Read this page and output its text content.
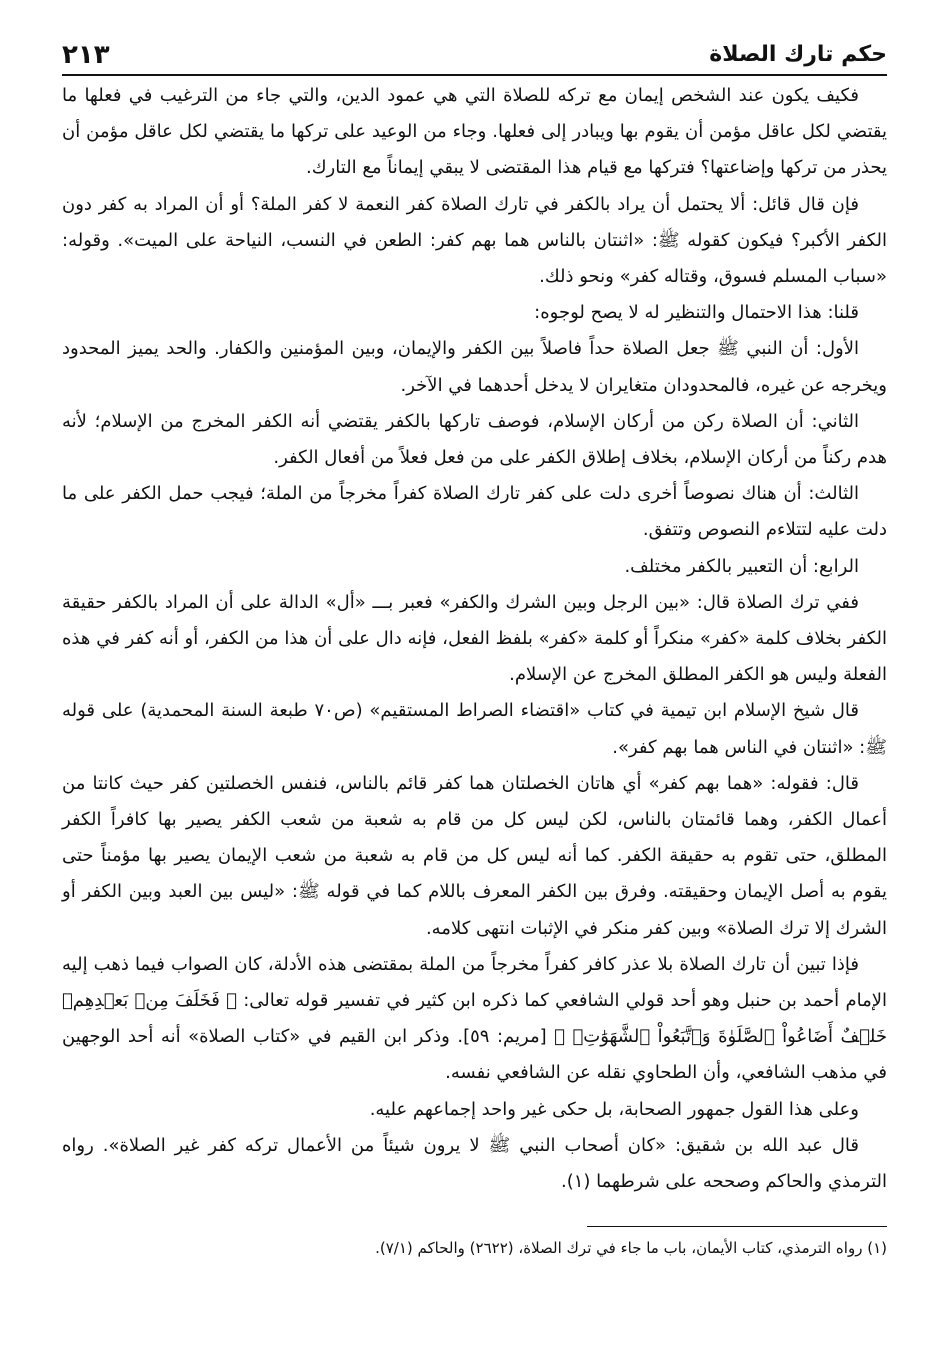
حكم تارك الصلاة
٢١٣

فكيف يكون عند الشخص إيمان مع تركه للصلاة التي هي عمود الدين، والتي جاء من الترغيب في فعلها ما يقتضي لكل عاقل مؤمن أن يقوم بها ويبادر إلى فعلها. وجاء من الوعيد على تركها ما يقتضي لكل عاقل مؤمن أن يحذر من تركها وإضاعتها؟ فتركها مع قيام هذا المقتضى لا يبقي إيماناً مع التارك.

فإن قال قائل: ألا يحتمل أن يراد بالكفر في تارك الصلاة كفر النعمة لا كفر الملة؟ أو أن المراد به كفر دون الكفر الأكبر؟ فيكون كقوله ﷺ: «اثنتان بالناس هما بهم كفر: الطعن في النسب، النياحة على الميت». وقوله: «سباب المسلم فسوق، وقتاله كفر» ونحو ذلك.

قلنا: هذا الاحتمال والتنظير له لا يصح لوجوه:

الأول: أن النبي ﷺ جعل الصلاة حداً فاصلاً بين الكفر والإيمان، وبين المؤمنين والكفار. والحد يميز المحدود ويخرجه عن غيره، فالمحدودان متغايران لا يدخل أحدهما في الآخر.

الثاني: أن الصلاة ركن من أركان الإسلام، فوصف تاركها بالكفر يقتضي أنه الكفر المخرج من الإسلام؛ لأنه هدم ركناً من أركان الإسلام، بخلاف إطلاق الكفر على من فعل فعلاً من أفعال الكفر.

الثالث: أن هناك نصوصاً أخرى دلت على كفر تارك الصلاة كفراً مخرجاً من الملة؛ فيجب حمل الكفر على ما دلت عليه لتتلاءم النصوص وتتفق.

الرابع: أن التعبير بالكفر مختلف.

ففي ترك الصلاة قال: «بين الرجل وبين الشرك والكفر» فعبر بـــ «أل» الدالة على أن المراد بالكفر حقيقة الكفر بخلاف كلمة «كفر» منكراً أو كلمة «كفر» بلفظ الفعل، فإنه دال على أن هذا من الكفر، أو أنه كفر في هذه الفعلة وليس هو الكفر المطلق المخرج عن الإسلام.

قال شيخ الإسلام ابن تيمية في كتاب «اقتضاء الصراط المستقيم» (ص٧٠ طبعة السنة المحمدية) على قوله ﷺ: «اثنتان في الناس هما بهم كفر».

قال: فقوله: «هما بهم كفر» أي هاتان الخصلتان هما كفر قائم بالناس، فنفس الخصلتين كفر حيث كانتا من أعمال الكفر، وهما قائمتان بالناس، لكن ليس كل من قام به شعبة من شعب الكفر يصير بها كافراً الكفر المطلق، حتى تقوم به حقيقة الكفر. كما أنه ليس كل من قام به شعبة من شعب الإيمان يصير بها مؤمناً حتى يقوم به أصل الإيمان وحقيقته. وفرق بين الكفر المعرف باللام كما في قوله ﷺ: «ليس بين العبد وبين الكفر أو الشرك إلا ترك الصلاة» وبين كفر منكر في الإثبات انتهى كلامه.

فإذا تبين أن تارك الصلاة بلا عذر كافر كفراً مخرجاً من الملة بمقتضى هذه الأدلة، كان الصواب فيما ذهب إليه الإمام أحمد بن حنبل وهو أحد قولي الشافعي كما ذكره ابن كثير في تفسير قوله تعالى: ﴿ فَخَلَفَ مِنۢ بَعۡدِهِمۡ خَلۡفٌ أَضَاعُواْ ٱلصَّلَوٰةَ وَٱتَّبَعُواْ ٱلشَّهَوَٰتِۖ ﴾ [مريم: ٥٩]. وذكر ابن القيم في «كتاب الصلاة» أنه أحد الوجهين في مذهب الشافعي، وأن الطحاوي نقله عن الشافعي نفسه.

وعلى هذا القول جمهور الصحابة، بل حكى غير واحد إجماعهم عليه.

قال عبد الله بن شقيق: «كان أصحاب النبي ﷺ لا يرون شيئاً من الأعمال تركه كفر غير الصلاة». رواه الترمذي والحاكم وصححه على شرطهما (١).

(١) رواه الترمذي، كتاب الأيمان، باب ما جاء في ترك الصلاة، (٢٦٢٢) والحاكم (٧/١).
